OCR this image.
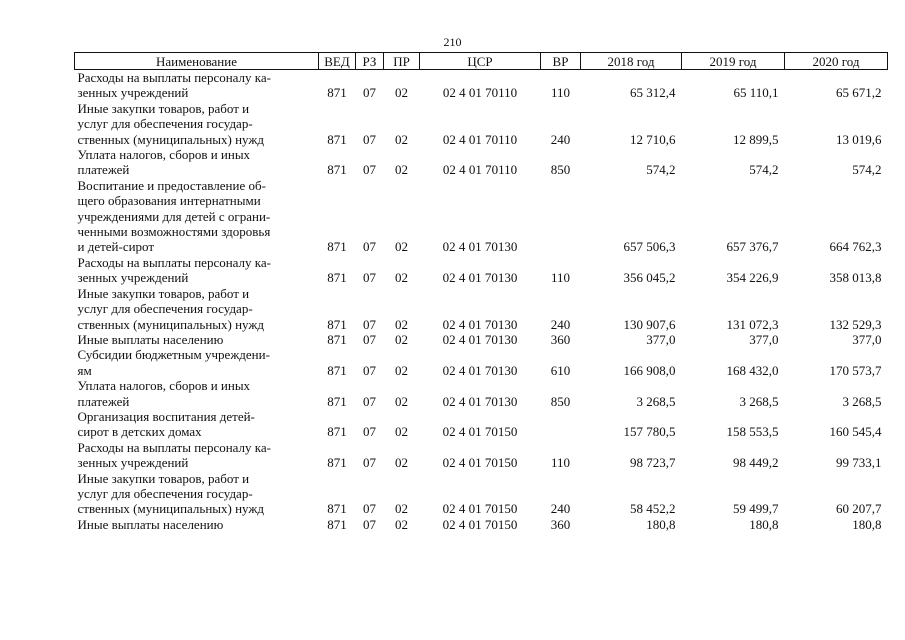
210
Наименование	ВЕД	РЗ	ПР	ЦСР	ВР	2018 год	2019 год	2020 год
Расходы на выплаты персоналу ка-
зенных учреждений	871	07	02	02 4 01 70110	110	65 312,4	65 110,1	65 671,2
Иные закупки товаров, работ и
услуг для обеспечения государ-
ственных (муниципальных) нужд	871	07	02	02 4 01 70110	240	12 710,6	12 899,5	13 019,6
Уплата налогов, сборов и иных
платежей	871	07	02	02 4 01 70110	850	574,2	574,2	574,2
Воспитание и предоставление об-
щего образования интернатными
учреждениями для детей с ограни-
ченными возможностями здоровья
и детей-сирот	871	07	02	02 4 01 70130		657 506,3	657 376,7	664 762,3
Расходы на выплаты персоналу ка-
зенных учреждений	871	07	02	02 4 01 70130	110	356 045,2	354 226,9	358 013,8
Иные закупки товаров, работ и
услуг для обеспечения государ-
ственных (муниципальных) нужд	871	07	02	02 4 01 70130	240	130 907,6	131 072,3	132 529,3
Иные выплаты населению	871	07	02	02 4 01 70130	360	377,0	377,0	377,0
Субсидии бюджетным учреждени-
ям	871	07	02	02 4 01 70130	610	166 908,0	168 432,0	170 573,7
Уплата налогов, сборов и иных
платежей	871	07	02	02 4 01 70130	850	3 268,5	3 268,5	3 268,5
Организация воспитания детей-
сирот в детских домах	871	07	02	02 4 01 70150		157 780,5	158 553,5	160 545,4
Расходы на выплаты персоналу ка-
зенных учреждений	871	07	02	02 4 01 70150	110	98 723,7	98 449,2	99 733,1
Иные закупки товаров, работ и
услуг для обеспечения государ-
ственных (муниципальных) нужд	871	07	02	02 4 01 70150	240	58 452,2	59 499,7	60 207,7
Иные выплаты населению	871	07	02	02 4 01 70150	360	180,8	180,8	180,8
